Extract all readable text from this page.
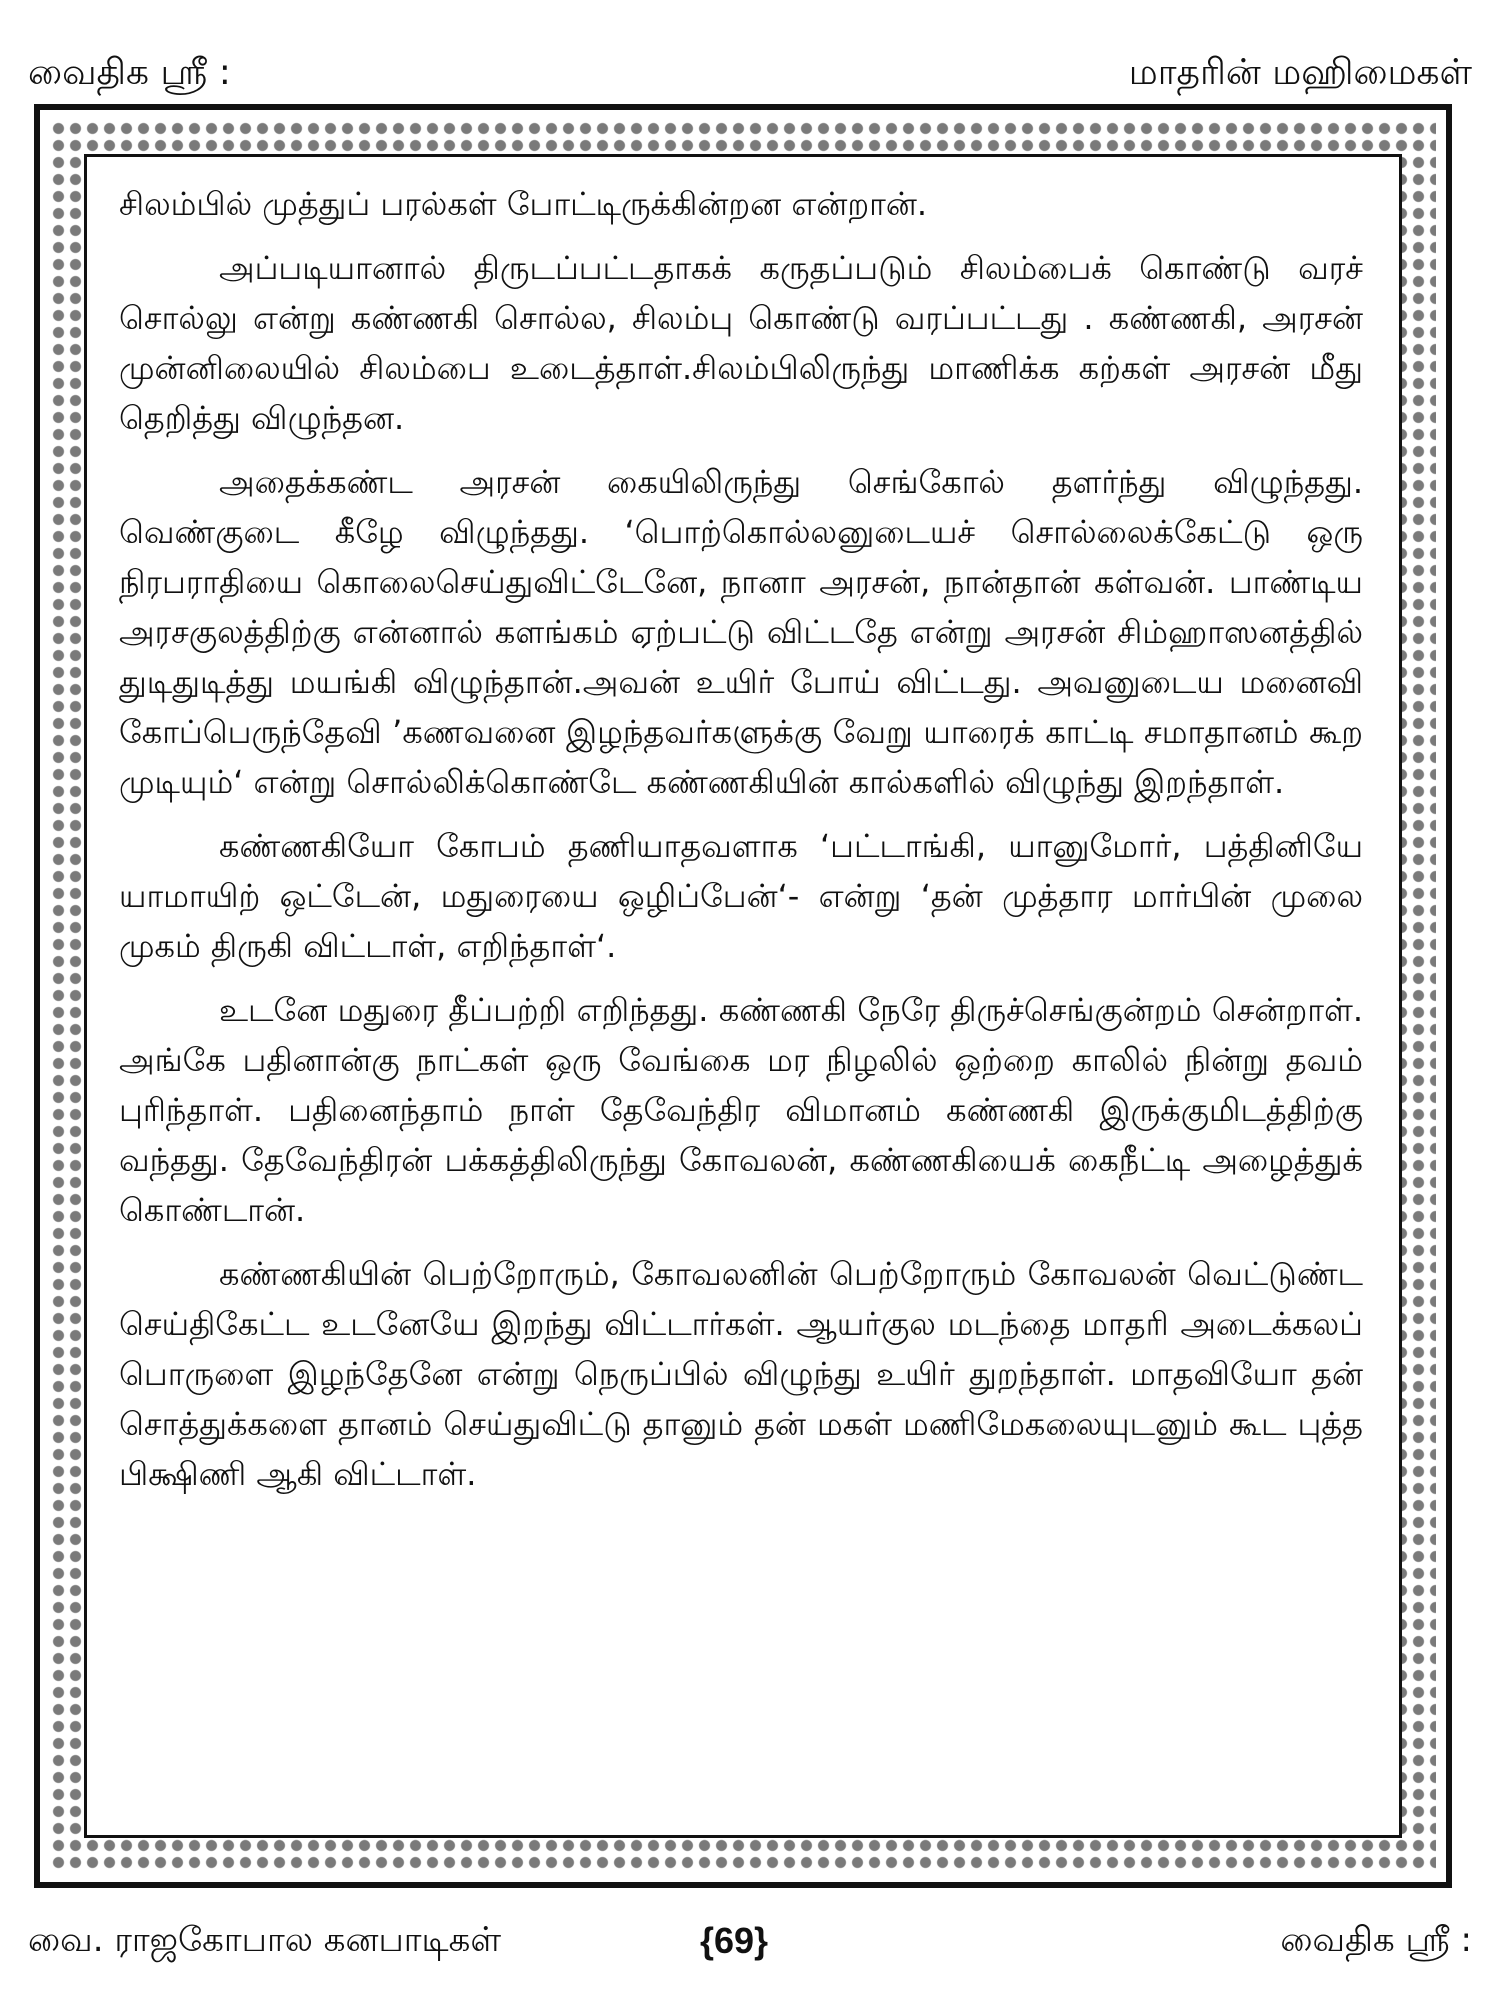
வைதிக ஸ்ரீ :	மாதரின் மஹிமைகள்

சிலம்பில் முத்துப் பரல்கள் போட்டிருக்கின்றன என்றான்.

அப்படியானால் திருடப்பட்டதாகக் கருதப்படும் சிலம்பைக் கொண்டு வரச் சொல்லு என்று கண்ணகி சொல்ல, சிலம்பு கொண்டு வரப்பட்டது . கண்ணகி, அரசன் முன்னிலையில் சிலம்பை உடைத்தாள்.சிலம்பிலிருந்து மாணிக்க கற்கள் அரசன் மீது தெறித்து விழுந்தன.

அதைக்கண்ட அரசன் கையிலிருந்து செங்கோல் தளர்ந்து விழுந்தது. வெண்குடை கீழே விழுந்தது. ‘பொற்கொல்லனுடையச் சொல்லைக்கேட்டு ஒரு நிரபராதியை கொலைசெய்துவிட்டேனே, நானா அரசன், நான்தான் கள்வன். பாண்டிய அரசகுலத்திற்கு என்னால் களங்கம் ஏற்பட்டு விட்டதே என்று அரசன் சிம்ஹாஸனத்தில் துடிதுடித்து மயங்கி விழுந்தான்.அவன் உயிர் போய் விட்டது. அவனுடைய மனைவி கோப்பெருந்தேவி ’கணவனை இழந்தவர்களுக்கு வேறு யாரைக் காட்டி சமாதானம் கூற முடியும்‘ என்று சொல்லிக்கொண்டே கண்ணகியின் கால்களில் விழுந்து இறந்தாள்.

கண்ணகியோ கோபம் தணியாதவளாக ‘பட்டாங்கி, யானுமோர், பத்தினியே யாமாயிற் ஒட்டேன், மதுரையை ஒழிப்பேன்‘- என்று ‘தன் முத்தார மார்பின் முலை முகம் திருகி விட்டாள், எறிந்தாள்‘.

உடனே மதுரை தீப்பற்றி எறிந்தது. கண்ணகி நேரே திருச்செங்குன்றம் சென்றாள். அங்கே பதினான்கு நாட்கள் ஒரு வேங்கை மர நிழலில் ஒற்றை காலில் நின்று தவம் புரிந்தாள். பதினைந்தாம் நாள் தேவேந்திர விமானம் கண்ணகி இருக்குமிடத்திற்கு வந்தது. தேவேந்திரன் பக்கத்திலிருந்து கோவலன், கண்ணகியைக் கைநீட்டி அழைத்துக் கொண்டான்.

கண்ணகியின் பெற்றோரும், கோவலனின் பெற்றோரும் கோவலன் வெட்டுண்ட செய்திகேட்ட உடனேயே இறந்து விட்டார்கள். ஆயர்குல மடந்தை மாதரி அடைக்கலப் பொருளை இழந்தேனே என்று நெருப்பில் விழுந்து உயிர் துறந்தாள். மாதவியோ தன் சொத்துக்களை தானம் செய்துவிட்டு தானும் தன் மகள் மணிமேகலையுடனும் கூட புத்த பிக்ஷிணி ஆகி விட்டாள்.

வை. ராஜகோபால கனபாடிகள்	{69}	வைதிக ஸ்ரீ :
